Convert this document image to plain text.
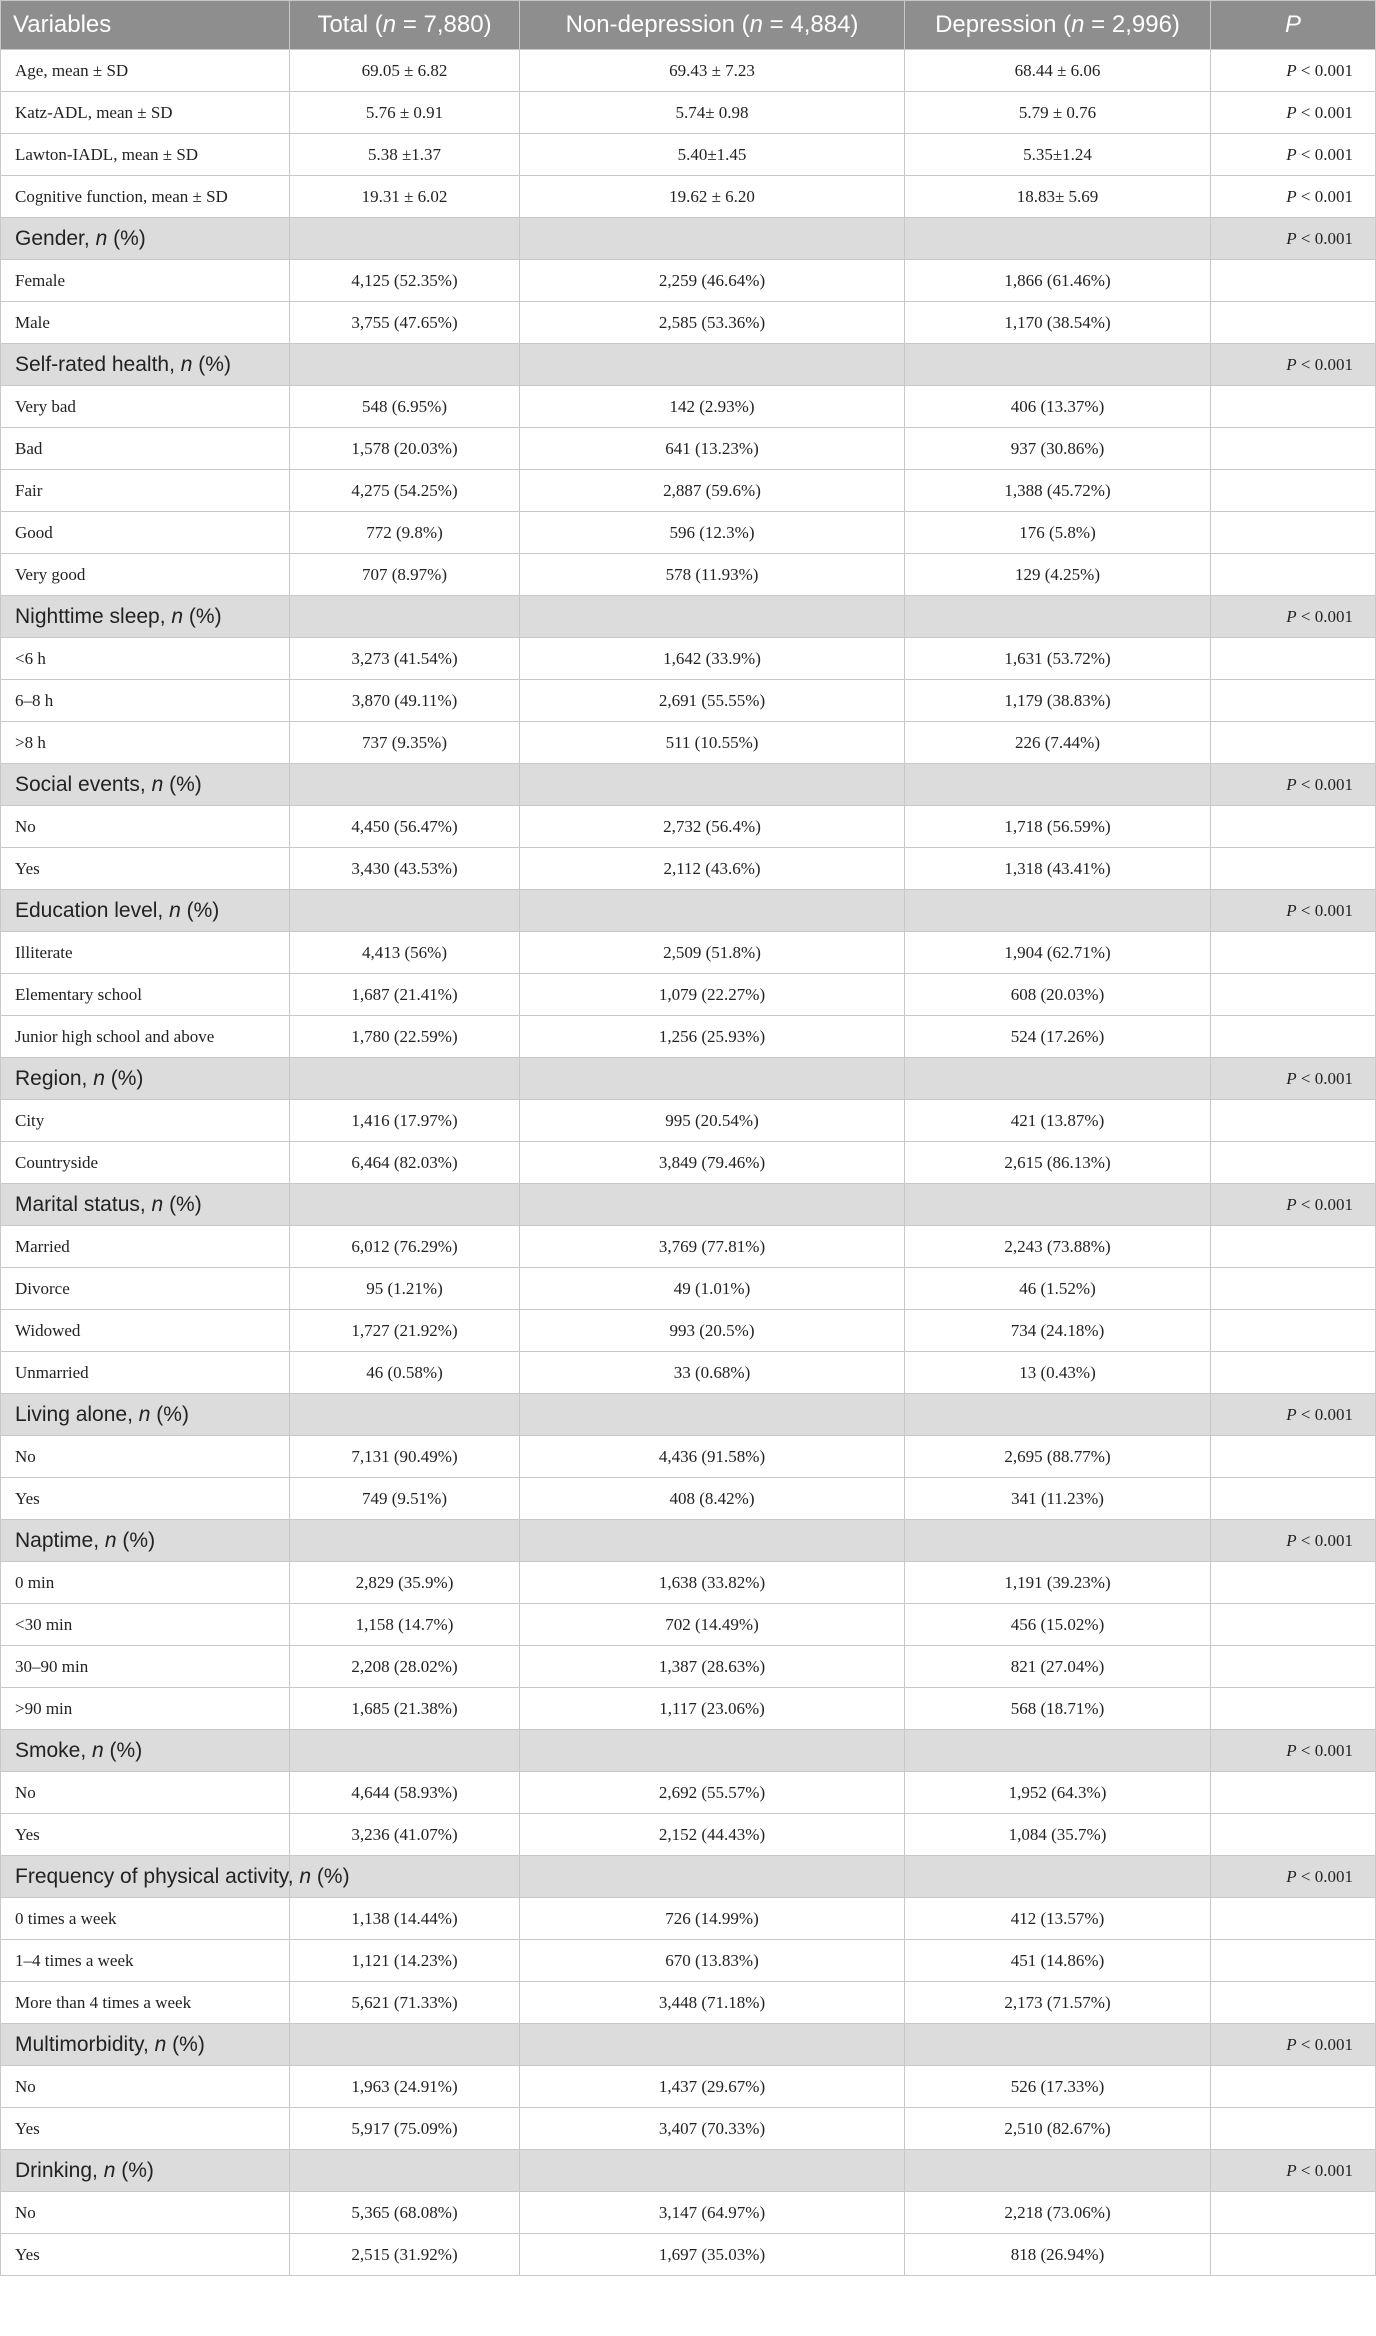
Variables	Total (n = 7,880)	Non-depression (n = 4,884)	Depression (n = 2,996)	P
Age, mean ± SD	69.05 ± 6.82	69.43 ± 7.23	68.44 ± 6.06	P < 0.001
Katz-ADL, mean ± SD	5.76 ± 0.91	5.74± 0.98	5.79 ± 0.76	P < 0.001
Lawton-IADL, mean ± SD	5.38 ±1.37	5.40±1.45	5.35±1.24	P < 0.001
Cognitive function, mean ± SD	19.31 ± 6.02	19.62 ± 6.20	18.83± 5.69	P < 0.001
Gender, n (%)				P < 0.001
Female	4,125 (52.35%)	2,259 (46.64%)	1,866 (61.46%)	
Male	3,755 (47.65%)	2,585 (53.36%)	1,170 (38.54%)	
Self-rated health, n (%)				P < 0.001
Very bad	548 (6.95%)	142 (2.93%)	406 (13.37%)	
Bad	1,578 (20.03%)	641 (13.23%)	937 (30.86%)	
Fair	4,275 (54.25%)	2,887 (59.6%)	1,388 (45.72%)	
Good	772 (9.8%)	596 (12.3%)	176 (5.8%)	
Very good	707 (8.97%)	578 (11.93%)	129 (4.25%)	
Nighttime sleep, n (%)				P < 0.001
<6 h	3,273 (41.54%)	1,642 (33.9%)	1,631 (53.72%)	
6–8 h	3,870 (49.11%)	2,691 (55.55%)	1,179 (38.83%)	
>8 h	737 (9.35%)	511 (10.55%)	226 (7.44%)	
Social events, n (%)				P < 0.001
No	4,450 (56.47%)	2,732 (56.4%)	1,718 (56.59%)	
Yes	3,430 (43.53%)	2,112 (43.6%)	1,318 (43.41%)	
Education level, n (%)				P < 0.001
Illiterate	4,413 (56%)	2,509 (51.8%)	1,904 (62.71%)	
Elementary school	1,687 (21.41%)	1,079 (22.27%)	608 (20.03%)	
Junior high school and above	1,780 (22.59%)	1,256 (25.93%)	524 (17.26%)	
Region, n (%)				P < 0.001
City	1,416 (17.97%)	995 (20.54%)	421 (13.87%)	
Countryside	6,464 (82.03%)	3,849 (79.46%)	2,615 (86.13%)	
Marital status, n (%)				P < 0.001
Married	6,012 (76.29%)	3,769 (77.81%)	2,243 (73.88%)	
Divorce	95 (1.21%)	49 (1.01%)	46 (1.52%)	
Widowed	1,727 (21.92%)	993 (20.5%)	734 (24.18%)	
Unmarried	46 (0.58%)	33 (0.68%)	13 (0.43%)	
Living alone, n (%)				P < 0.001
No	7,131 (90.49%)	4,436 (91.58%)	2,695 (88.77%)	
Yes	749 (9.51%)	408 (8.42%)	341 (11.23%)	
Naptime, n (%)				P < 0.001
0 min	2,829 (35.9%)	1,638 (33.82%)	1,191 (39.23%)	
<30 min	1,158 (14.7%)	702 (14.49%)	456 (15.02%)	
30–90 min	2,208 (28.02%)	1,387 (28.63%)	821 (27.04%)	
>90 min	1,685 (21.38%)	1,117 (23.06%)	568 (18.71%)	
Smoke, n (%)				P < 0.001
No	4,644 (58.93%)	2,692 (55.57%)	1,952 (64.3%)	
Yes	3,236 (41.07%)	2,152 (44.43%)	1,084 (35.7%)	
Frequency of physical activity, n (%)				P < 0.001
0 times a week	1,138 (14.44%)	726 (14.99%)	412 (13.57%)	
1–4 times a week	1,121 (14.23%)	670 (13.83%)	451 (14.86%)	
More than 4 times a week	5,621 (71.33%)	3,448 (71.18%)	2,173 (71.57%)	
Multimorbidity, n (%)				P < 0.001
No	1,963 (24.91%)	1,437 (29.67%)	526 (17.33%)	
Yes	5,917 (75.09%)	3,407 (70.33%)	2,510 (82.67%)	
Drinking, n (%)				P < 0.001
No	5,365 (68.08%)	3,147 (64.97%)	2,218 (73.06%)	
Yes	2,515 (31.92%)	1,697 (35.03%)	818 (26.94%)	
